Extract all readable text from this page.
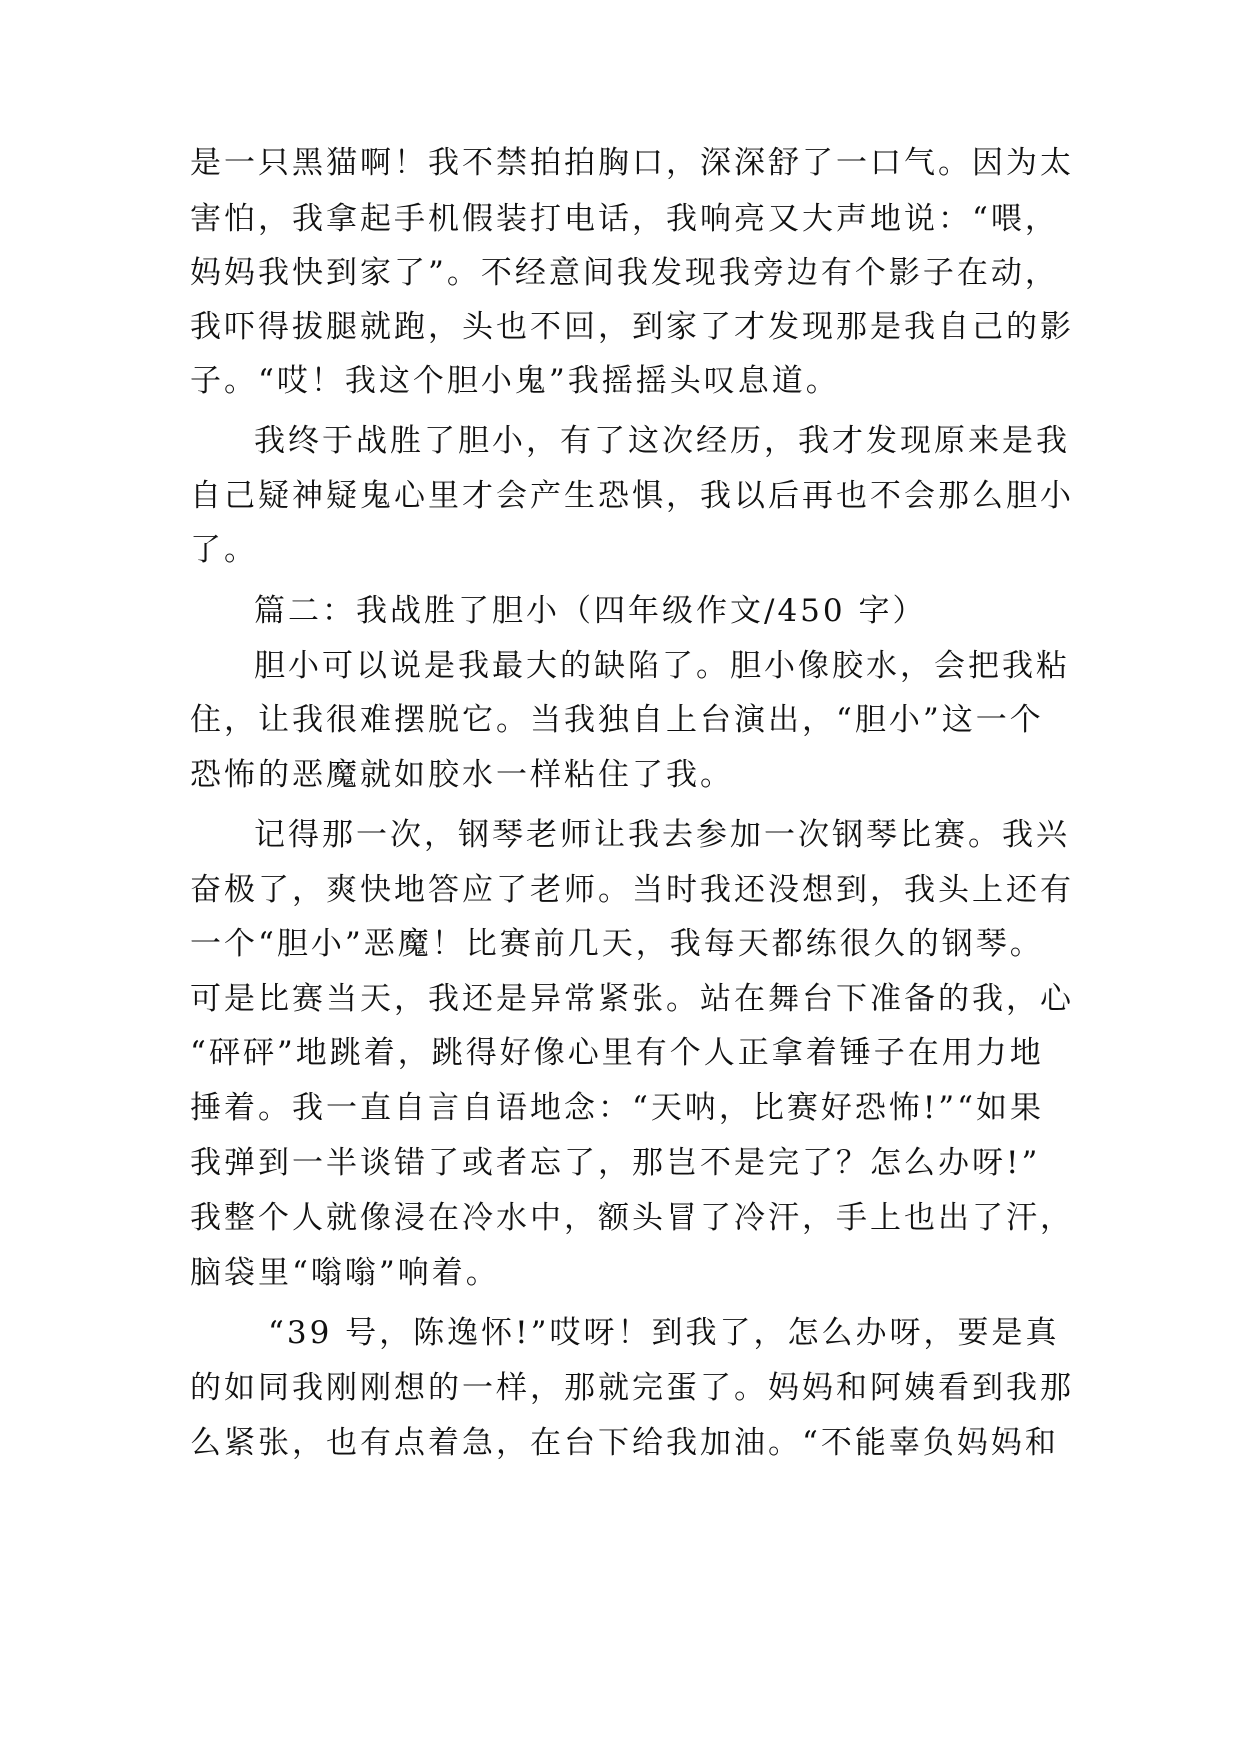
是一只黑猫啊！我不禁拍拍胸口，深深舒了一口气。因为太
害怕，我拿起手机假装打电话，我响亮又大声地说：“喂，
妈妈我快到家了”。不经意间我发现我旁边有个影子在动，
我吓得拔腿就跑，头也不回，到家了才发现那是我自己的影
子。“哎！我这个胆小鬼”我摇摇头叹息道。
我终于战胜了胆小，有了这次经历，我才发现原来是我
自己疑神疑鬼心里才会产生恐惧，我以后再也不会那么胆小
了。
篇二：我战胜了胆小（四年级作文/450 字）
胆小可以说是我最大的缺陷了。胆小像胶水，会把我粘
住，让我很难摆脱它。当我独自上台演出，“胆小”这一个
恐怖的恶魔就如胶水一样粘住了我。
记得那一次，钢琴老师让我去参加一次钢琴比赛。我兴
奋极了，爽快地答应了老师。当时我还没想到，我头上还有
一个“胆小”恶魔！比赛前几天，我每天都练很久的钢琴。
可是比赛当天，我还是异常紧张。站在舞台下准备的我，心
“砰砰”地跳着，跳得好像心里有个人正拿着锤子在用力地
捶着。我一直自言自语地念：“天呐，比赛好恐怖!”“如果
我弹到一半谈错了或者忘了，那岂不是完了？怎么办呀!”
我整个人就像浸在冷水中，额头冒了冷汗，手上也出了汗，
脑袋里“嗡嗡”响着。
“39 号，陈逸怀!”哎呀！到我了，怎么办呀，要是真
的如同我刚刚想的一样，那就完蛋了。妈妈和阿姨看到我那
么紧张，也有点着急，在台下给我加油。“不能辜负妈妈和
